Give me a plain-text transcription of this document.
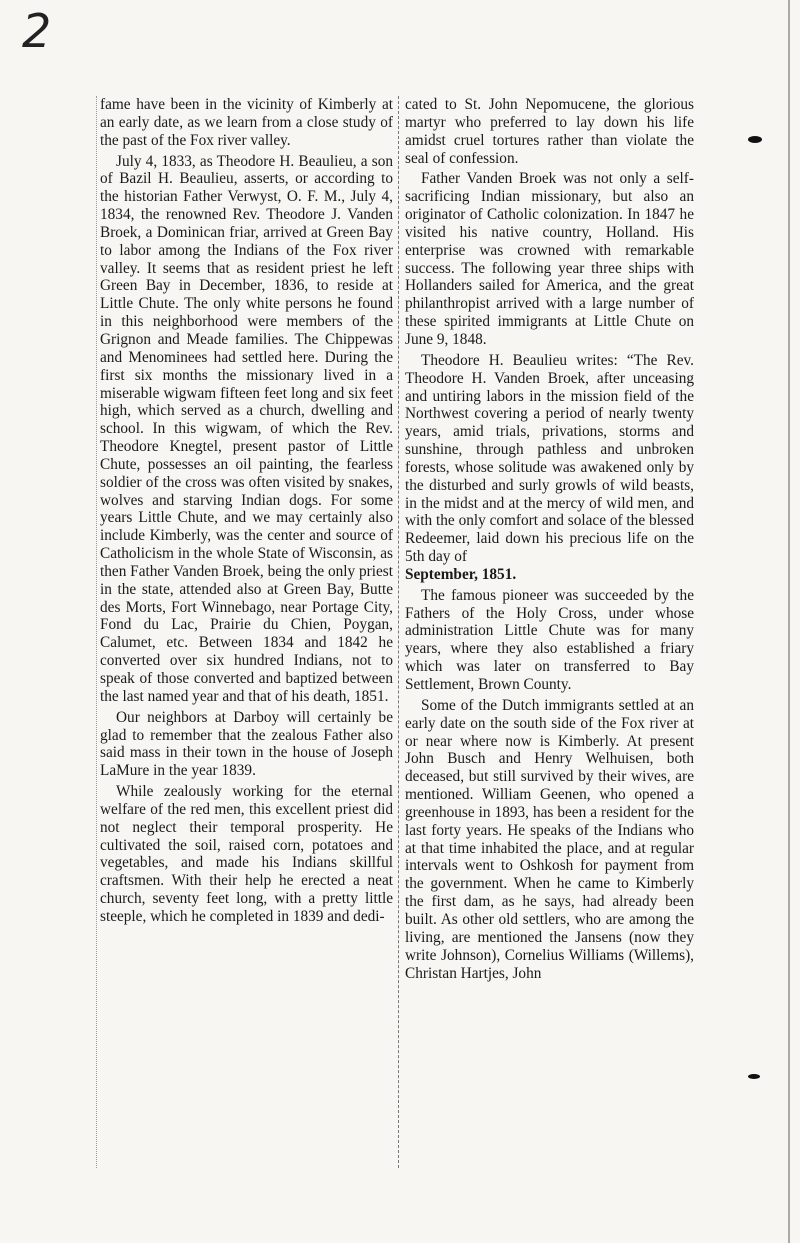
2

fame have been in the vicinity of Kimberly at an early date, as we learn from a close study of the past of the Fox river valley.

July 4, 1833, as Theodore H. Beaulieu, a son of Bazil H. Beaulieu, asserts, or according to the historian Father Verwyst, O. F. M., July 4, 1834, the renowned Rev. Theodore J. Vanden Broek, a Dominican friar, arrived at Green Bay to labor among the Indians of the Fox river valley. It seems that as resident priest he left Green Bay in December, 1836, to reside at Little Chute. The only white persons he found in this neighborhood were members of the Grignon and Meade families. The Chippewas and Menominees had settled here. During the first six months the missionary lived in a miserable wigwam fifteen feet long and six feet high, which served as a church, dwelling and school. In this wigwam, of which the Rev. Theodore Knegtel, present pastor of Little Chute, possesses an oil painting, the fearless soldier of the cross was often visited by snakes, wolves and starving Indian dogs. For some years Little Chute, and we may certainly also include Kimberly, was the center and source of Catholicism in the whole State of Wisconsin, as then Father Vanden Broek, being the only priest in the state, attended also at Green Bay, Butte des Morts, Fort Winnebago, near Portage City, Fond du Lac, Prairie du Chien, Poygan, Calumet, etc. Between 1834 and 1842 he converted over six hundred Indians, not to speak of those converted and baptized between the last named year and that of his death, 1851.

Our neighbors at Darboy will certainly be glad to remember that the zealous Father also said mass in their town in the house of Joseph LaMure in the year 1839.

While zealously working for the eternal welfare of the red men, this excellent priest did not neglect their temporal prosperity. He cultivated the soil, raised corn, potatoes and vegetables, and made his Indians skillful craftsmen. With their help he erected a neat church, seventy feet long, with a pretty little steeple, which he completed in 1839 and dedi-

cated to St. John Nepomucene, the glorious martyr who preferred to lay down his life amidst cruel tortures rather than violate the seal of confession.

Father Vanden Broek was not only a self-sacrificing Indian missionary, but also an originator of Catholic colonization. In 1847 he visited his native country, Holland. His enterprise was crowned with remarkable success. The following year three ships with Hollanders sailed for America, and the great philanthropist arrived with a large number of these spirited immigrants at Little Chute on June 9, 1848.

Theodore H. Beaulieu writes: “The Rev. Theodore H. Vanden Broek, after unceasing and untiring labors in the mission field of the Northwest covering a period of nearly twenty years, amid trials, privations, storms and sunshine, through pathless and unbroken forests, whose solitude was awakened only by the disturbed and surly growls of wild beasts, in the midst and at the mercy of wild men, and with the only comfort and solace of the blessed Redeemer, laid down his precious life on the 5th day of

September, 1851.

The famous pioneer was succeeded by the Fathers of the Holy Cross, under whose administration Little Chute was for many years, where they also established a friary which was later on transferred to Bay Settlement, Brown County.

Some of the Dutch immigrants settled at an early date on the south side of the Fox river at or near where now is Kimberly. At present John Busch and Henry Welhuisen, both deceased, but still survived by their wives, are mentioned. William Geenen, who opened a greenhouse in 1893, has been a resident for the last forty years. He speaks of the Indians who at that time inhabited the place, and at regular intervals went to Oshkosh for payment from the government. When he came to Kimberly the first dam, as he says, had already been built. As other old settlers, who are among the living, are mentioned the Jansens (now they write Johnson), Cornelius Williams (Willems), Christan Hartjes, John
